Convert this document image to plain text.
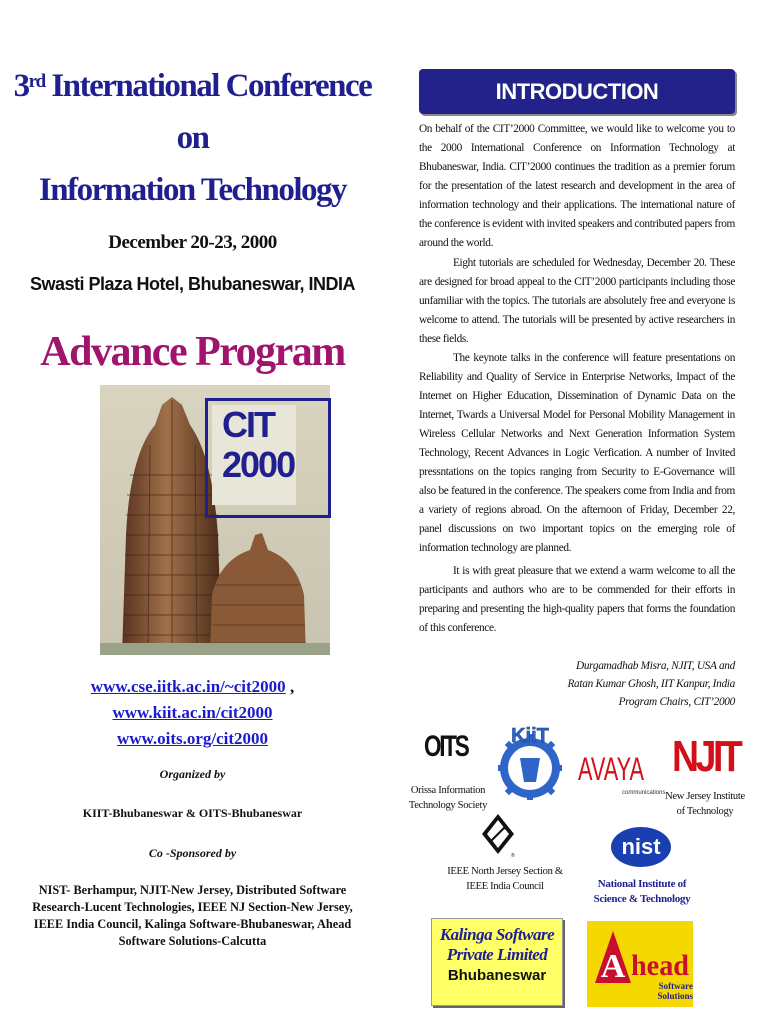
3rd International Conference
on
Information Technology
December 20-23, 2000
Swasti Plaza Hotel, Bhubaneswar, INDIA
Advance Program
CIT
2000
www.cse.iitk.ac.in/~cit2000 ,
www.kiit.ac.in/cit2000
www.oits.org/cit2000
Organized by
KIIT-Bhubaneswar & OITS-Bhubaneswar
Co -Sponsored by
NIST- Berhampur, NJIT-New Jersey, Distributed Software Research-Lucent Technologies, IEEE NJ Section-New Jersey, IEEE India Council, Kalinga Software-Bhubaneswar, Ahead Software Solutions-Calcutta
INTRODUCTION
On behalf of the CIT’2000 Committee, we would like to welcome you to the 2000 International Conference on Information Technology at Bhubaneswar, India. CIT’2000 continues the tradition as a premier forum for the presentation of the latest research and development in the area of information technology and their applications. The international nature of the conference is evident with invited speakers and contributed papers from around the world.
Eight tutorials are scheduled for Wednesday, December 20. These are designed for broad appeal to the CIT’2000 participants including those unfamiliar with the topics. The tutorials are absolutely free and everyone is welcome to attend. The tutorials will be presented by active researchers in these fields.
The keynote talks in the conference will feature presentations on Reliability and Quality of Service in Enterprise Networks, Impact of the Internet on Higher Education, Dissemination of Dynamic Data on the Internet, Twards a Universal Model for Personal Mobility Management in Wireless Cellular Networks and Next Generation Information System Technology, Recent Advances in Logic Verfication. A number of Invited pressntations on the topics ranging from Security to E-Governance will also be featured in the conference. The speakers come from India and from a variety of regions abroad. On the afternoon of Friday, December 22, panel discussions on two important topics on the emerging role of information technology are planned.
It is with great pleasure that we extend a warm welcome to all the participants and authors who are to be commended for their efforts in preparing and presenting the high-quality papers that forms the foundation of this conference.
Durgamadhab Misra, NJIT, USA and
Ratan Kumar Ghosh, IIT Kanpur, India
Program Chairs, CIT’2000
OITS
Orissa Information
Technology Society
KiiT
AVAYA
communications
NJIT
New Jersey Institute
of Technology
®
IEEE North Jersey Section &
IEEE India Council
nist
National Institute of
Science & Technology
Kalinga Software
Private Limited
Bhubaneswar	A head
Software Solutions
